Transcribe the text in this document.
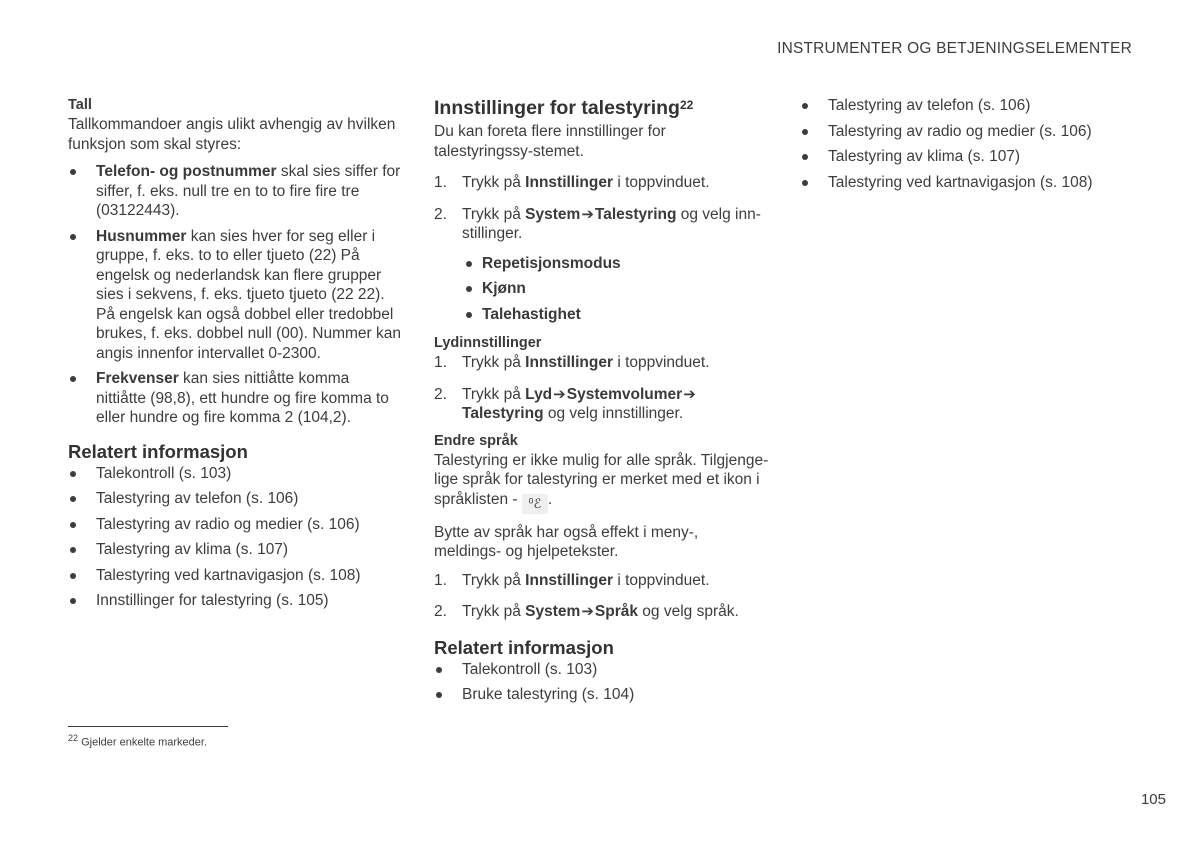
INSTRUMENTER OG BETJENINGSELEMENTER
Tall

Tallkommandoer angis ulikt avhengig av hvilken funksjon som skal styres:

Telefon- og postnummer skal sies siffer for siffer, f. eks. null tre en to to fire fire tre (03122443).
Husnummer kan sies hver for seg eller i gruppe, f. eks. to to eller tjueto (22) På engelsk og nederlandsk kan flere grupper sies i sekvens, f. eks. tjueto tjueto (22 22). På engelsk kan også dobbel eller tredobbel brukes, f. eks. dobbel null (00). Nummer kan angis innenfor intervallet 0-2300.
Frekvenser kan sies nittiåtte komma nittiåtte (98,8), ett hundre og fire komma to eller hundre og fire komma 2 (104,2).
Relatert informasjon
Talekontroll (s. 103)
Talestyring av telefon (s. 106)
Talestyring av radio og medier (s. 106)
Talestyring av klima (s. 107)
Talestyring ved kartnavigasjon (s. 108)
Innstillinger for talestyring (s. 105)
Innstillinger for talestyring$^{22}$

Du kan foreta flere innstillinger for talestyringssy-stemet.

1. Trykk på Innstillinger i toppvinduet.
2. Trykk på System➔Talestyring og velg inn-stillinger.
Repetisjonsmodus
Kjønn
Talehastighet
Lydinnstillinger
1. Trykk på Innstillinger i toppvinduet.
2. Trykk på Lyd➔Systemvolumer➔
Talestyring og velg innstillinger.
Endre språk

Talestyring er ikke mulig for alle språk. Tilgjenge-lige språk for talestyring er merket med et ikon i språklisten - ⁰ℰ .

Bytte av språk har også effekt i meny-, meldings- og hjelpetekster.

1. Trykk på Innstillinger i toppvinduet.
2. Trykk på System➔Språk og velg språk.
Relatert informasjon
Talekontroll (s. 103)
Bruke talestyring (s. 104)
Talestyring av telefon (s. 106)
Talestyring av radio og medier (s. 106)
Talestyring av klima (s. 107)
Talestyring ved kartnavigasjon (s. 108)
$^{22}$ Gjelder enkelte markeder.
105
